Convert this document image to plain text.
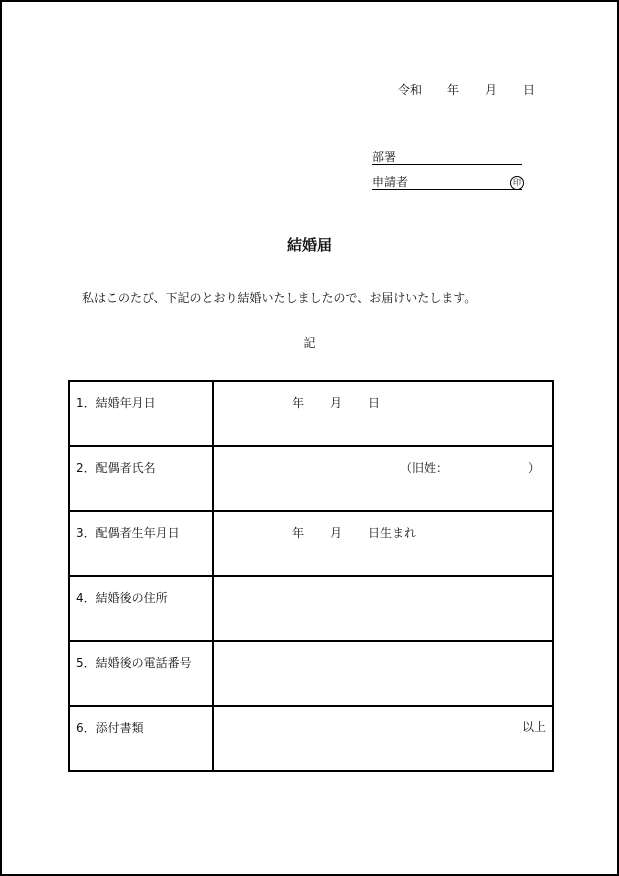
令和 年 月 日
部署
申請者	印
結婚届
私はこのたび、下記のとおり結婚いたしましたので、お届けいたします。
記
1．結婚年月日	年 月 日

2．配偶者氏名	（旧姓： ）

3．配偶者生年月日	年 月 日生まれ

4．結婚後の住所	
5．結婚後の電話番号	
6．添付書類		以上
